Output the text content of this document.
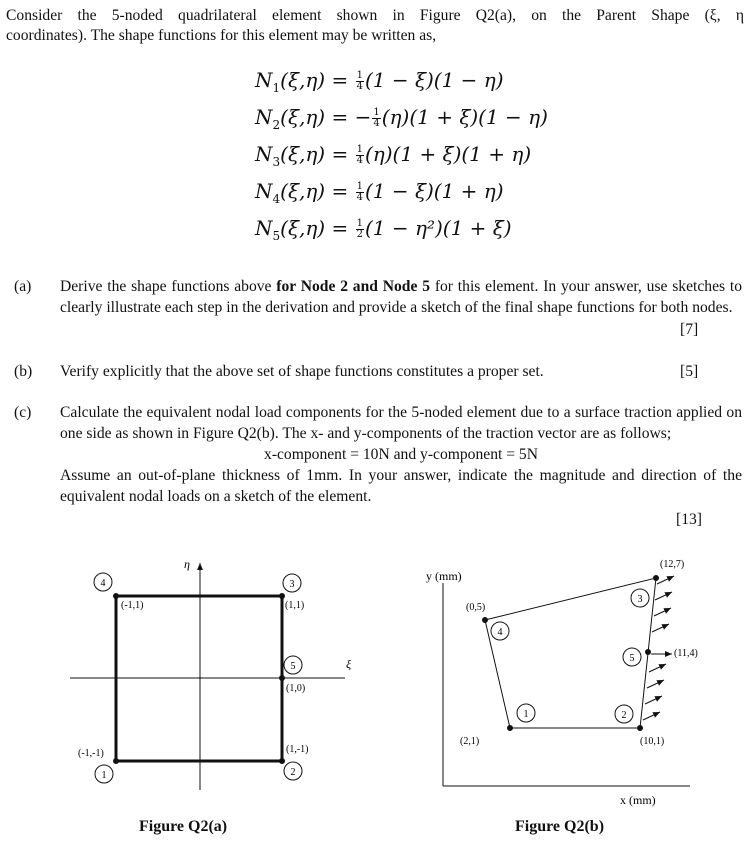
Consider the 5-noded quadrilateral element shown in Figure Q2(a), on the Parent Shape (ξ, η
coordinates). The shape functions for this element may be written as,
$N_1(\xi,\eta) = \frac{1}{4} (1 - \xi)(1 - \eta)$
$N_2(\xi,\eta)$ = − $\frac{1}{4} (\eta)(1 + \xi)(1 - \eta)$
$N_3(\xi,\eta) = \frac{1}{4} (\eta)(1 + \xi)(1 + \eta)$
$N_4(\xi,\eta) = \frac{1}{4} (1 - \xi)(1 + \eta)$
$N_5(\xi,\eta) = \frac{1}{2} (1 - \eta^2)(1 + \xi)$
(a) Derive the shape functions above for Node 2 and Node 5 for this element. In your answer, use sketches to clearly illustrate each step in the derivation and provide a sketch of the final shape functions for both nodes.
[7]
(b) Verify explicitly that the above set of shape functions constitutes a proper set.	[5]
(c) Calculate the equivalent nodal load components for the 5-noded element due to a surface traction applied on one side as shown in Figure Q2(b). The x- and y-components of the traction vector are as follows;
x-component = 10N and y-component = 5N
Assume an out-of-plane thickness of 1mm. In your answer, indicate the magnitude and direction of the equivalent nodal loads on a sketch of the element.
[13]
ξ
η
1	2
3
4
5
(-1,-1)	(1,-1)
(1,1)
(-1,1)
(1,0)
y (mm)
x (mm)
1	2
3
4
5
(2,1)	(10,1)
(12,7)
(0,5)
(11,4)
Figure Q2(a)	Figure Q2(b)
